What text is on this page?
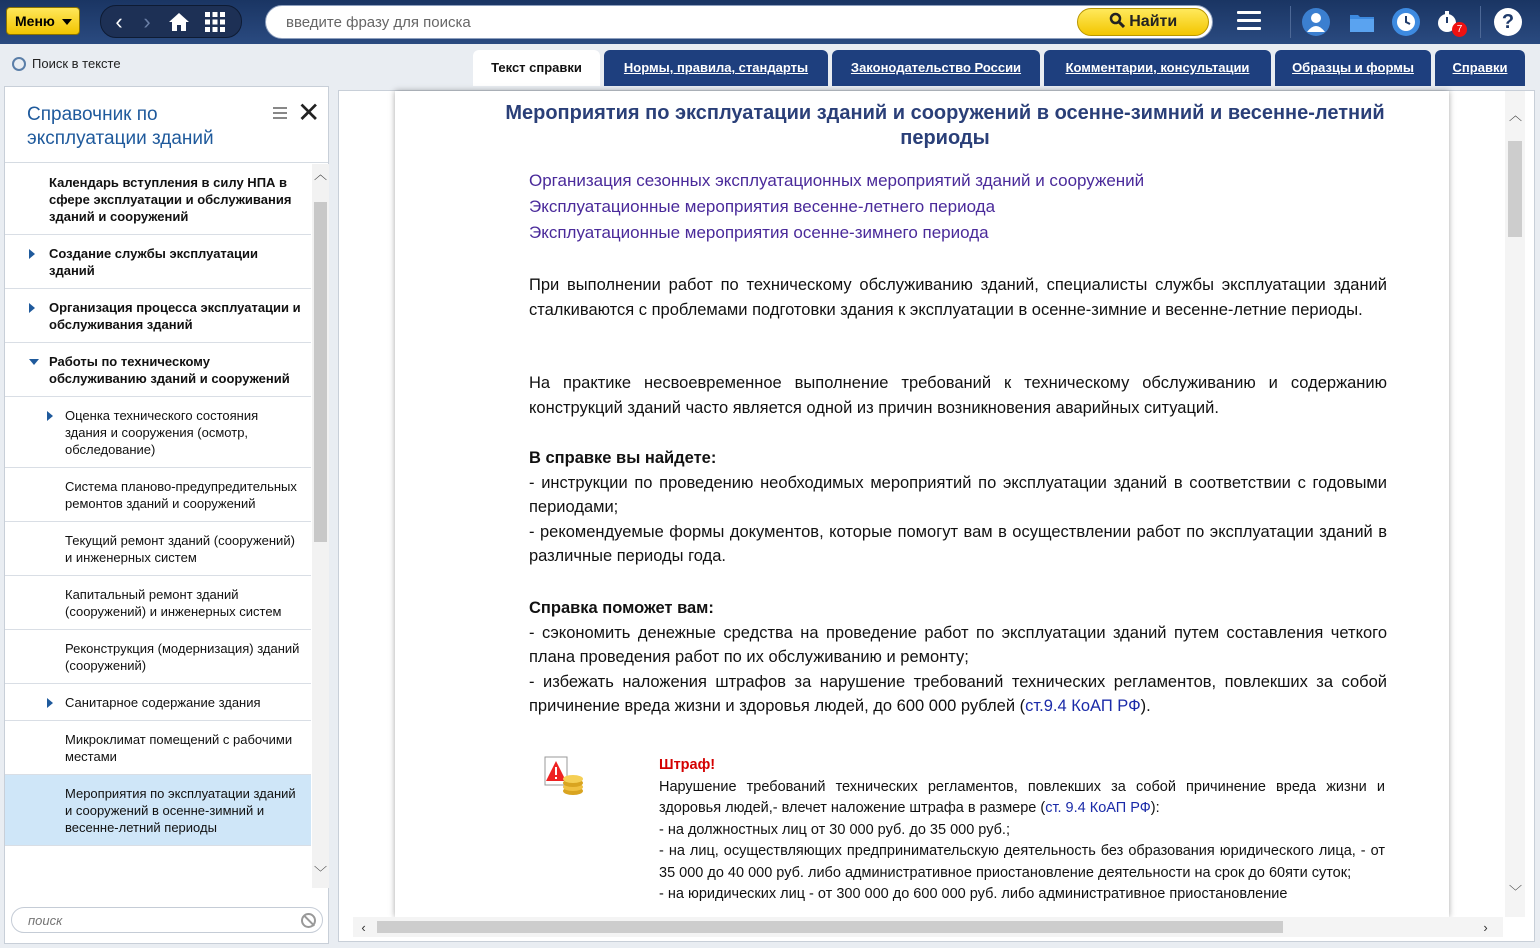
Меню	‹ ›
введите фразу для поиска	Найти	7	?
Поиск в тексте	Текст справки	Нормы, правила, стандарты	Законодательство России	Комментарии, консультации	Образцы и формы	Справки
Справочник по эксплуатации зданий
✕
Календарь вступления в силу НПА в сфере эксплуатации и обслуживания зданий и сооружений
Создание службы эксплуатации зданий
Организация процесса эксплуатации и обслуживания зданий
Работы по техническому обслуживанию зданий и сооружений
Оценка технического состояния здания и сооружения (осмотр, обследование)
Система планово-предупредительных ремонтов зданий и сооружений
Текущий ремонт зданий (сооружений) и инженерных систем
Капитальный ремонт зданий (сооружений) и инженерных систем
Реконструкция (модернизация) зданий (сооружений)
Санитарное содержание здания
Микроклимат помещений с рабочими местами
Мероприятия по эксплуатации зданий и сооружений в осенне-зимний и весенне-летний периоды
︿
﹀
поиск
Мероприятия по эксплуатации зданий и сооружений в осенне-зимний и весенне-летний периоды
Организация сезонных эксплуатационных мероприятий зданий и сооружений
Эксплуатационные мероприятия весенне-летнего периода
Эксплуатационные мероприятия осенне-зимнего периода
При выполнении работ по техническому обслуживанию зданий, специалисты службы эксплуатации зданий сталкиваются с проблемами подготовки здания к эксплуатации в осенне-зимние и весенне-летние периоды.
На практике несвоевременное выполнение требований к техническому обслуживанию и содержанию конструкций зданий часто является одной из причин возникновения аварийных ситуаций.
В справке вы найдете:
- инструкции по проведению необходимых мероприятий по эксплуатации зданий в соответствии с годовыми периодами;
- рекомендуемые формы документов, которые помогут вам в осуществлении работ по эксплуатации зданий в различные периоды года.
Справка поможет вам:
- сэкономить денежные средства на проведение работ по эксплуатации зданий путем составления четкого плана проведения работ по их обслуживанию и ремонту;
- избежать наложения штрафов за нарушение требований технических регламентов, повлекших за собой причинение вреда жизни и здоровья людей, до 600 000 рублей (ст.9.4 КоАП РФ).
Штраф!
Нарушение требований технических регламентов, повлекших за собой причинение вреда жизни и здоровья людей,- влечет наложение штрафа в размере (ст. 9.4 КоАП РФ):
- на должностных лиц от 30 000 руб. до 35 000 руб.;
- на лиц, осуществляющих предпринимательскую деятельность без образования юридического лица, - от 35 000 до 40 000 руб. либо административное приостановление деятельности на срок до 60яти суток;
- на юридических лиц - от 300 000 до 600 000 руб. либо административное приостановление
︿
﹀
‹	›
